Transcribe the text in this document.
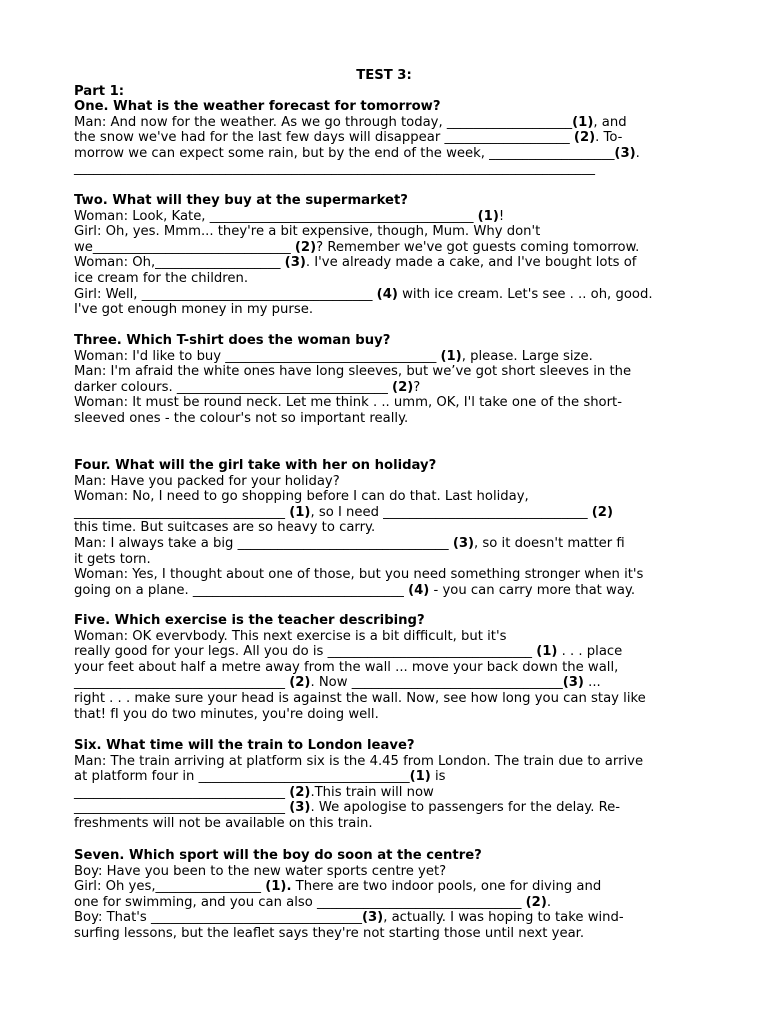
TEST 3:
Part 1:
One. What is the weather forecast for tomorrow?
Man: And now for the weather. As we go through today, ___________________(1), and
the snow we've had for the last few days will disappear ___________________ (2). To-
morrow we can expect some rain, but by the end of the week, ___________________(3).
_______________________________________________________________________________
Two. What will they buy at the supermarket?
Woman: Look, Kate, ________________________________________ (1)!
Girl: Oh, yes. Mmm... they're a bit expensive, though, Mum. Why don't
we______________________________ (2)? Remember we've got guests coming tomorrow.
Woman: Oh,___________________ (3). I've already made a cake, and I've bought lots of
ice cream for the children.
Girl: Well, ___________________________________ (4) with ice cream. Let's see . .. oh, good.
I've got enough money in my purse.
Three. Which T-shirt does the woman buy?
Woman: I'd like to buy ________________________________ (1), please. Large size.
Man: I'm afraid the white ones have long sleeves, but we’ve got short sleeves in the
darker colours. ________________________________ (2)?
Woman: It must be round neck. Let me think . .. umm, OK, I'l take one of the short-
sleeved ones - the colour's not so important really.
Four. What will the girl take with her on holiday?
Man: Have you packed for your holiday?
Woman: No, I need to go shopping before I can do that. Last holiday,
________________________________ (1), so I need _______________________________ (2)
this time. But suitcases are so heavy to carry.
Man: I always take a big ________________________________ (3), so it doesn't matter fi
it gets torn.
Woman: Yes, I thought about one of those, but you need something stronger when it's
going on a plane. ________________________________ (4) - you can carry more that way.
Five. Which exercise is the teacher describing?
Woman: OK evervbody. This next exercise is a bit difficult, but it's
really good for your legs. All you do is _______________________________ (1) . . . place
your feet about half a metre away from the wall ... move your back down the wall,
________________________________ (2). Now ________________________________(3) ...
right . . . make sure your head is against the wall. Now, see how long you can stay like
that! fI you do two minutes, you're doing well.
Six. What time will the train to London leave?
Man: The train arriving at platform six is the 4.45 from London. The train due to arrive
at platform four in ________________________________(1) is
________________________________ (2).This train will now
________________________________ (3). We apologise to passengers for the delay. Re-
freshments will not be available on this train.
Seven. Which sport will the boy do soon at the centre?
Boy: Have you been to the new water sports centre yet?
Girl: Oh yes,________________ (1). There are two indoor pools, one for diving and
one for swimming, and you can also _______________________________ (2).
Boy: That's ________________________________(3), actually. I was hoping to take wind-
surfing lessons, but the leaflet says they're not starting those until next year.
